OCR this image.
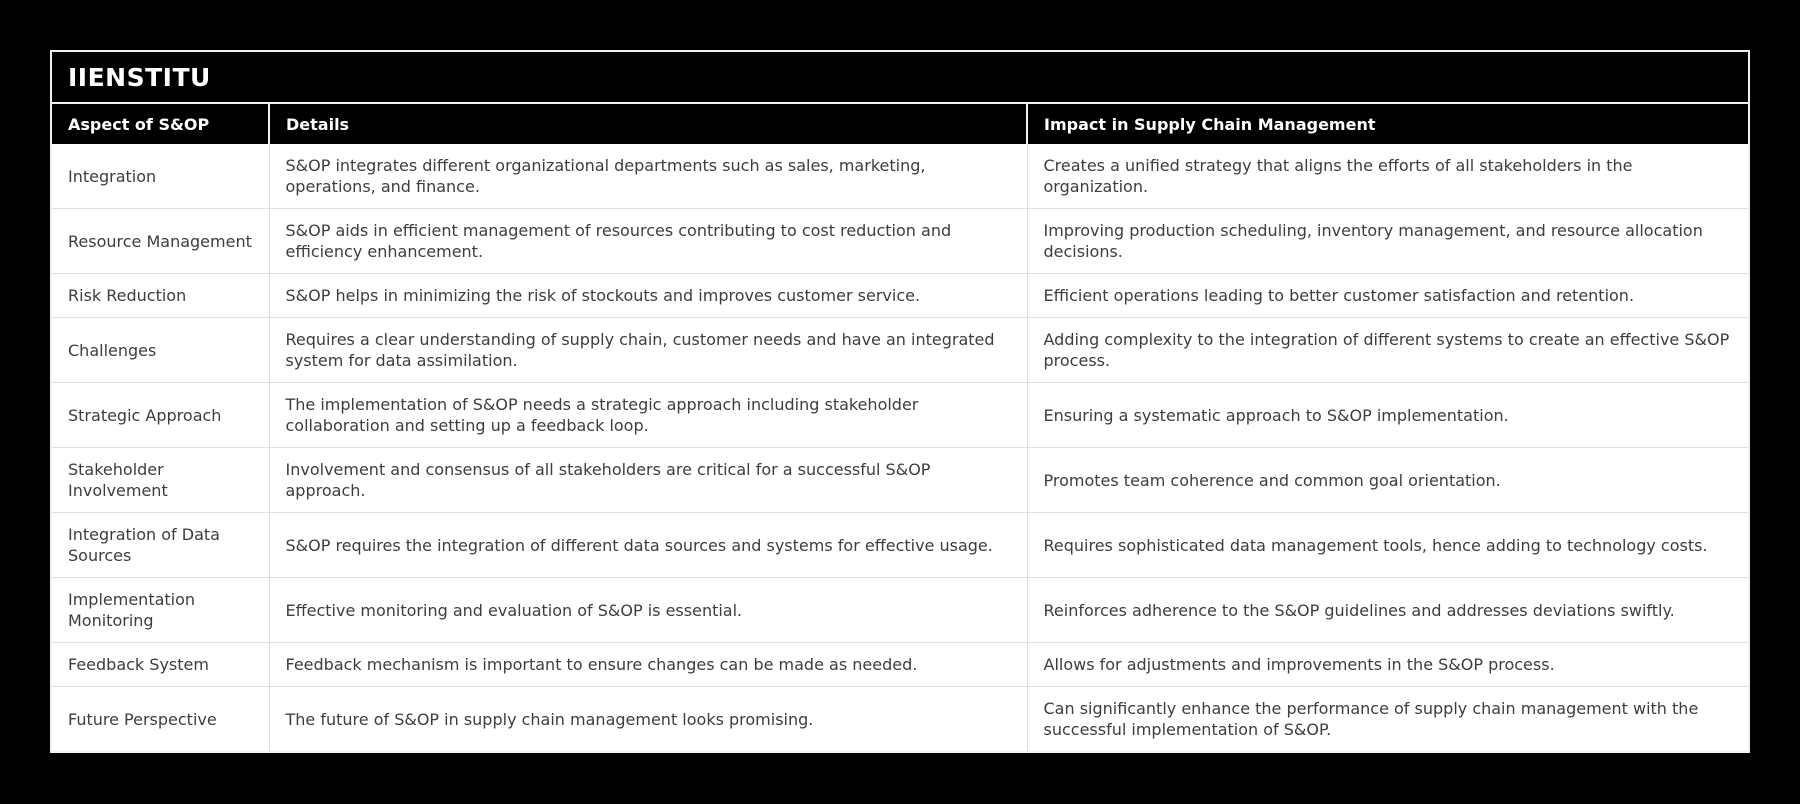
IIENSTITU
Aspect of S&OP	Details	Impact in Supply Chain Management
Integration	S&OP integrates different organizational departments such as sales, marketing, operations, and finance.	Creates a unified strategy that aligns the efforts of all stakeholders in the organization.
Resource Management	S&OP aids in efficient management of resources contributing to cost reduction and efficiency enhancement.	Improving production scheduling, inventory management, and resource allocation decisions.
Risk Reduction	S&OP helps in minimizing the risk of stockouts and improves customer service.	Efficient operations leading to better customer satisfaction and retention.
Challenges	Requires a clear understanding of supply chain, customer needs and have an integrated system for data assimilation.	Adding complexity to the integration of different systems to create an effective S&OP process.
Strategic Approach	The implementation of S&OP needs a strategic approach including stakeholder collaboration and setting up a feedback loop.	Ensuring a systematic approach to S&OP implementation.
Stakeholder Involvement	Involvement and consensus of all stakeholders are critical for a successful S&OP approach.	Promotes team coherence and common goal orientation.
Integration of Data Sources	S&OP requires the integration of different data sources and systems for effective usage.	Requires sophisticated data management tools, hence adding to technology costs.
Implementation Monitoring	Effective monitoring and evaluation of S&OP is essential.	Reinforces adherence to the S&OP guidelines and addresses deviations swiftly.
Feedback System	Feedback mechanism is important to ensure changes can be made as needed.	Allows for adjustments and improvements in the S&OP process.
Future Perspective	The future of S&OP in supply chain management looks promising.	Can significantly enhance the performance of supply chain management with the successful implementation of S&OP.
